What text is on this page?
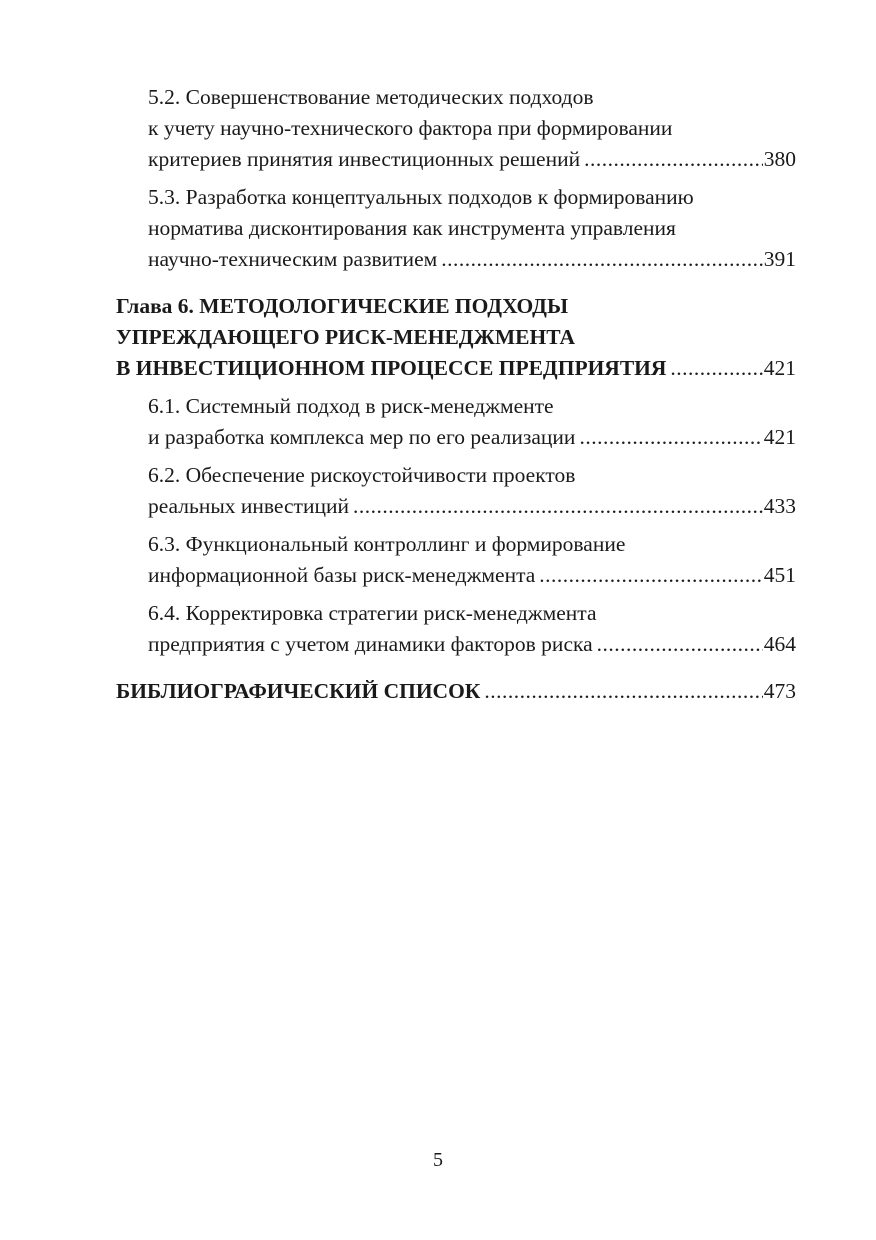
5.2. Совершенствование методических подходов
к учету научно-технического фактора при формировании
критериев принятия инвестиционных решений .....	380
5.3. Разработка концептуальных подходов к формированию
норматива дисконтирования как инструмента управления
научно-техническим развитием .....	391
Глава 6. МЕТОДОЛОГИЧЕСКИЕ ПОДХОДЫ
УПРЕЖДАЮЩЕГО РИСК-МЕНЕДЖМЕНТА
В ИНВЕСТИЦИОННОМ ПРОЦЕССЕ ПРЕДПРИЯТИЯ .....	421
6.1. Системный подход в риск-менеджменте
и разработка комплекса мер по его реализации .....	421
6.2. Обеспечение рискоустойчивости проектов
реальных инвестиций .....	433
6.3. Функциональный контроллинг и формирование
информационной базы риск-менеджмента .....	451
6.4. Корректировка стратегии риск-менеджмента
предприятия с учетом динамики факторов риска .....	464
БИБЛИОГРАФИЧЕСКИЙ СПИСОК .....	473
5
